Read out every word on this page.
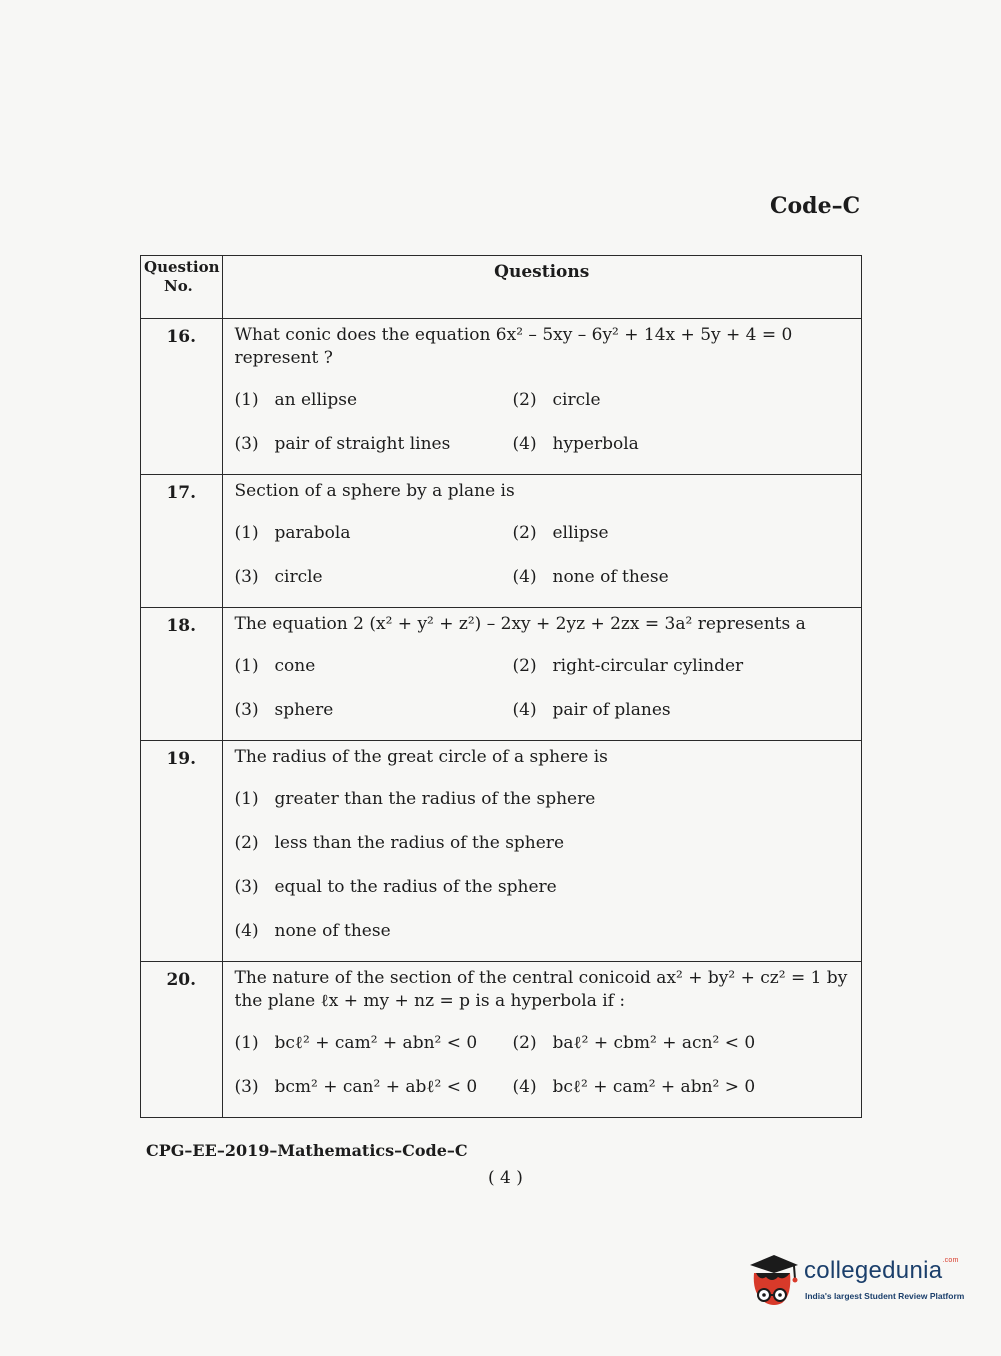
Code–C
Question
No.	Questions
16.	What conic does the equation 6x² – 5xy – 6y² + 14x + 5y + 4 = 0 represent ?
(1) an ellipse (2) circle
(3) pair of straight lines (4) hyperbola

17.	Section of a sphere by a plane is
(1) parabola (2) ellipse
(3) circle (4) none of these

18.	The equation 2 (x² + y² + z²) – 2xy + 2yz + 2zx = 3a² represents a
(1) cone (2) right-circular cylinder
(3) sphere (4) pair of planes

19.	The radius of the great circle of a sphere is
(1) greater than the radius of the sphere
(2) less than the radius of the sphere
(3) equal to the radius of the sphere
(4) none of these

20.	The nature of the section of the central conicoid ax² + by² + cz² = 1 by the plane ℓx + my + nz = p is a hyperbola if :
(1) bcℓ² + cam² + abn² < 0 (2) baℓ² + cbm² + acn² < 0
(3) bcm² + can² + abℓ² < 0 (4) bcℓ² + cam² + abn² > 0
CPG–EE–2019–Mathematics–Code–C
( 4 )
collegedunia$^{.com}$
India's largest Student Review Platform
